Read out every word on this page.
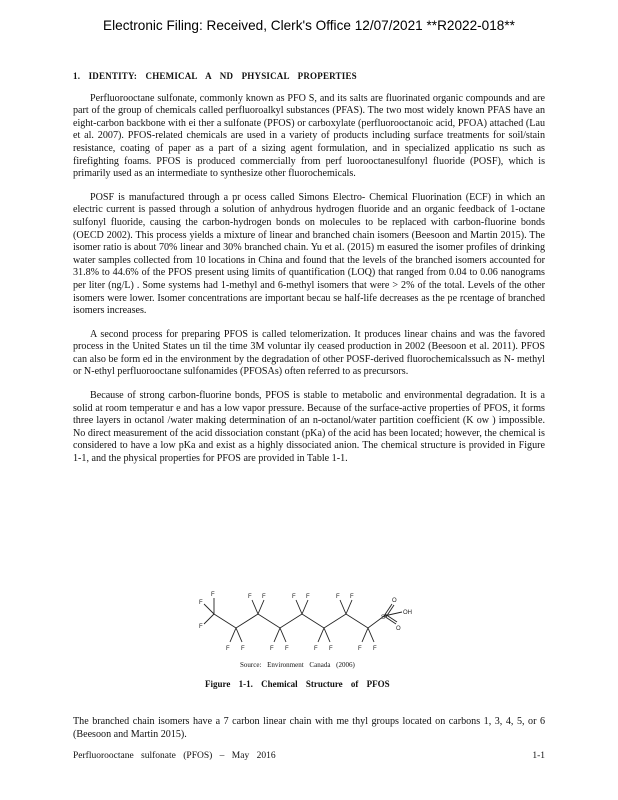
Electronic Filing: Received, Clerk's Office 12/07/2021 **R2022-018**
1. IDENTITY: CHEMICAL A ND PHYSICAL PROPERTIES

Perfluorooctane sulfonate, commonly known as PFO S, and its salts are fluorinated organic compounds and are part of the group of chemicals called perfluoroalkyl substances (PFAS). The two most widely known PFAS have an eight-carbon backbone with ei ther a sulfonate (PFOS) or carboxylate (perfluorooctanoic acid, PFOA) attached (Lau et al. 2007). PFOS-related chemicals are used in a variety of products including surface treatments for soil/stain resistance, coating of paper as a part of a sizing agent formulation, and in specialized applicatio ns such as firefighting foams. PFOS is produced commercially from perf luorooctanesulfonyl fluoride (POSF), which is primarily used as an intermediate to synthesize other fluorochemicals.

POSF is manufactured through a pr ocess called Simons Electro- Chemical Fluorination (ECF) in which an electric current is passed through a solution of anhydrous hydrogen fluoride and an organic feedback of 1-octane sulfonyl fluoride, causing the carbon-hydrogen bonds on molecules to be replaced with carbon-fluorine bonds (OECD 2002). This process yields a mixture of linear and branched chain isomers (Beesoon and Martin 2015). The isomer ratio is about 70% linear and 30% branched chain. Yu et al. (2015) m easured the isomer profiles of drinking water samples collected from 10 locations in China and found that the levels of the branched isomers accounted for 31.8% to 44.6% of the PFOS present using limits of quantification (LOQ) that ranged from 0.04 to 0.06 nanograms per liter (ng/L) . Some systems had 1-methyl and 6-methyl isomers that were > 2% of the total. Levels of the other isomers were lower. Isomer concentrations are important becau se half-life decreases as the pe rcentage of branched isomers increases.

A second process for preparing PFOS is called telomerization. It produces linear chains and was the favored process in the United States un til the time 3M voluntar ily ceased production in 2002 (Beesoon et al. 2011). PFOS can also be form ed in the environment by the degradation of other POSF-derived fluorochemicalssuch as N- methyl or N-ethyl perfluorooctane sulfonamides (PFOSAs) often referred to as precursors.

Because of strong carbon-fluorine bonds, PFOS is stable to metabolic and environmental degradation. It is a solid at room temperatur e and has a low vapor pressure. Because of the surface-active properties of PFOS, it forms three layers in octanol /water making determination of an n-octanol/water partition coefficient (K ow ) impossible. No direct measurement of the acid dissociation constant (pKa) of the acid has been located; however, the chemical is considered to have a low pKa and exist as a highly dissociated anion. The chemical structure is provided in Figure 1-1, and the physical properties for PFOS are provided in Table 1-1.

F
F
F
F F
F F
F F
F F
F F
F F
F F
S
O
O
OH
Source: Environment Canada (2006)
Figure 1-1. Chemical Structure of PFOS

The branched chain isomers have a 7 carbon linear chain with me thyl groups located on carbons 1, 3, 4, 5, or 6 (Beesoon and Martin 2015).

Perfluorooctane sulfonate (PFOS) – May 2016	1-1
